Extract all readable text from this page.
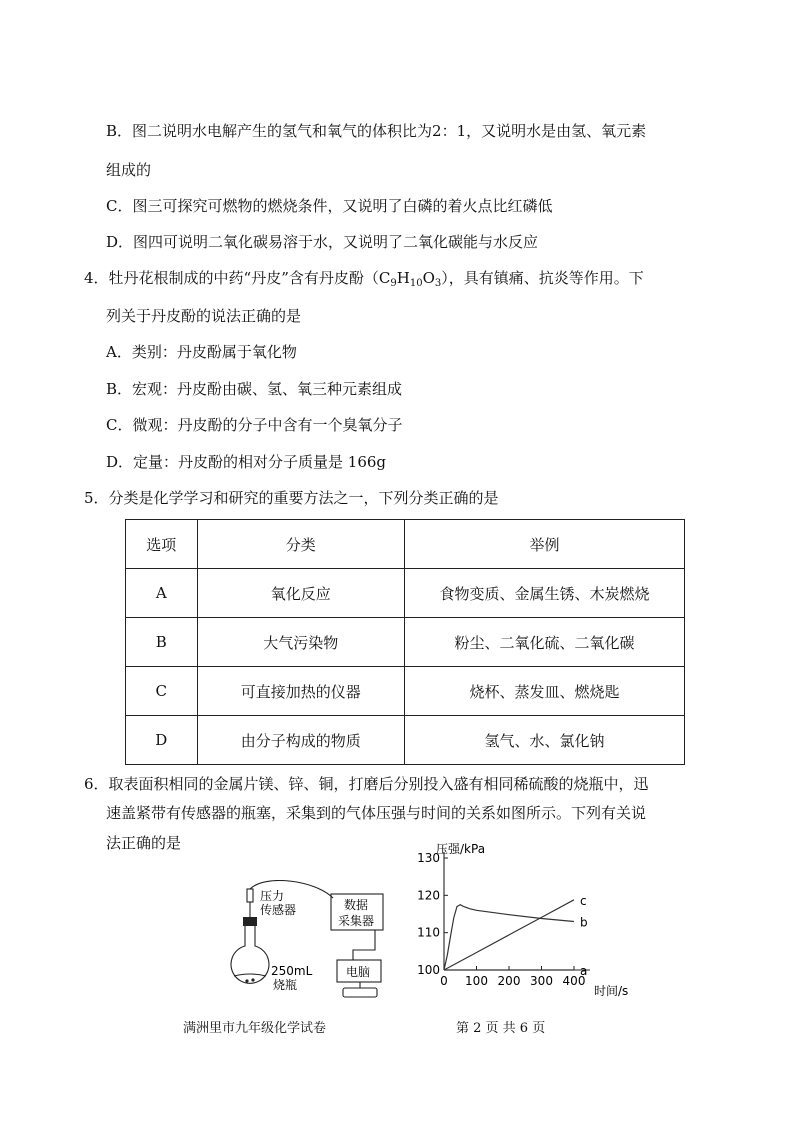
B．图二说明水电解产生的氢气和氧气的体积比为2：1，又说明水是由氢、氧元素
组成的
C．图三可探究可燃物的燃烧条件，又说明了白磷的着火点比红磷低
D．图四可说明二氧化碳易溶于水，又说明了二氧化碳能与水反应
4．牡丹花根制成的中药“丹皮”含有丹皮酚$(C_9H_{10}O_3)$，具有镇痛、抗炎等作用。下
列关于丹皮酚的说法正确的是
A．类别：丹皮酚属于氧化物
B．宏观：丹皮酚由碳、氢、氧三种元素组成
C．微观：丹皮酚的分子中含有一个臭氧分子
D．定量：丹皮酚的相对分子质量是 166g
5．分类是化学学习和研究的重要方法之一，下列分类正确的是
选项	分类	举例
A	氧化反应	食物变质、金属生锈、木炭燃烧
B	大气污染物	粉尘、二氧化硫、二氧化碳
C	可直接加热的仪器	烧杯、蒸发皿、燃烧匙
D	由分子构成的物质	氢气、水、氯化钠
6．取表面积相同的金属片镁、锌、铜，打磨后分别投入盛有相同稀硫酸的烧瓶中，迅
速盖紧带有传感器的瓶塞，采集到的气体压强与时间的关系如图所示。下列有关说
法正确的是
压力
传感器	数据
采集器
250mL
烧瓶
电脑
0 100 200 300 400
100
110
120
130
a
b
c
压强/kPa
时间/s
满洲里市九年级化学试卷	第 2 页 共 6 页
